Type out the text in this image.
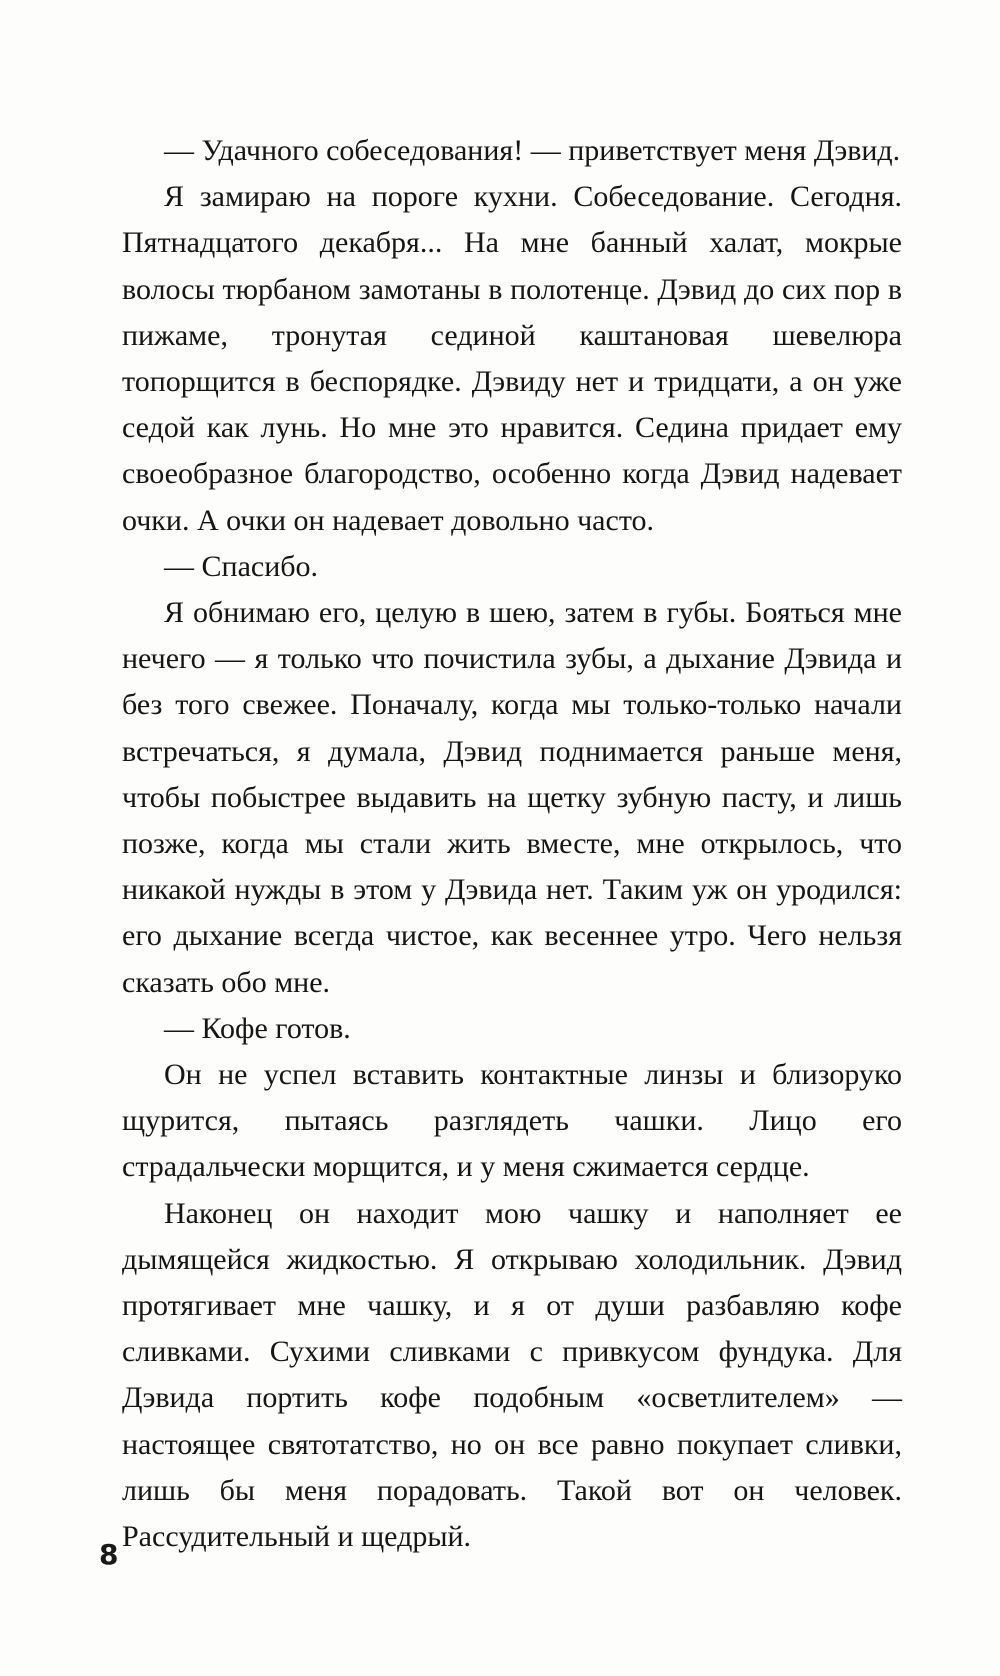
— Удачного собеседования! — приветствует меня Дэвид.

Я замираю на пороге кухни. Собеседование. Сегодня. Пятнадцатого декабря... На мне банный халат, мокрые волосы тюрбаном замотаны в полотенце. Дэвид до сих пор в пижаме, тронутая сединой каштановая шевелюра топорщится в беспорядке. Дэвиду нет и тридцати, а он уже седой как лунь. Но мне это нравится. Седина придает ему своеобразное благородство, особенно когда Дэвид надевает очки. А очки он надевает довольно часто.

— Спасибо.

Я обнимаю его, целую в шею, затем в губы. Бояться мне нечего — я только что почистила зубы, а дыхание Дэвида и без того свежее. Поначалу, когда мы только-только начали встречаться, я думала, Дэвид поднимается раньше меня, чтобы побыстрее выдавить на щетку зубную пасту, и лишь позже, когда мы стали жить вместе, мне открылось, что никакой нужды в этом у Дэвида нет. Таким уж он уродился: его дыхание всегда чистое, как весеннее утро. Чего нельзя сказать обо мне.

— Кофе готов.

Он не успел вставить контактные линзы и близоруко щурится, пытаясь разглядеть чашки. Лицо его страдальчески морщится, и у меня сжимается сердце.

Наконец он находит мою чашку и наполняет ее дымящейся жидкостью. Я открываю холодильник. Дэвид протягивает мне чашку, и я от души разбавляю кофе сливками. Сухими сливками с привкусом фундука. Для Дэвида портить кофе подобным «осветлителем» — настоящее святотатство, но он все равно покупает сливки, лишь бы меня порадовать. Такой вот он человек. Рассудительный и щедрый.

8
